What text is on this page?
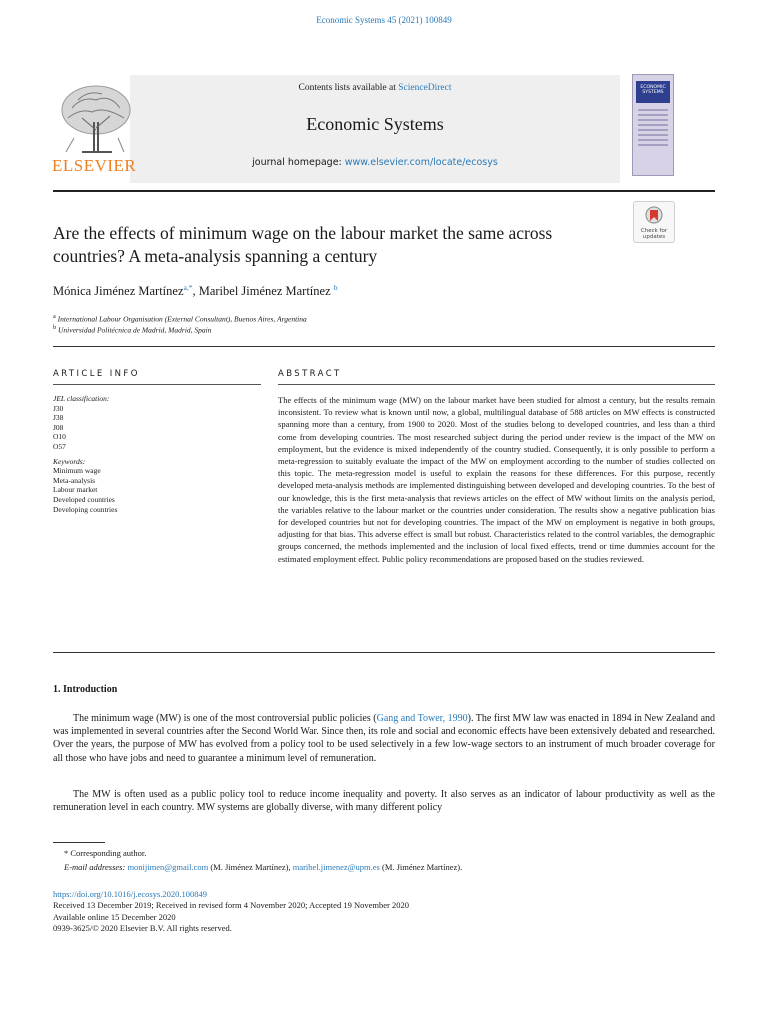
Economic Systems 45 (2021) 100849
Contents lists available at ScienceDirect
Economic Systems
journal homepage: www.elsevier.com/locate/ecosys
ELSEVIER
ECONOMIC SYSTEMS
Check for updates
Are the effects of minimum wage on the labour market the same across countries? A meta-analysis spanning a century
Mónica Jiménez Martínez$^{a,*}$, Maribel Jiménez Martínez $^b$
$^a$ International Labour Organisation (External Consultant), Buenos Aires, Argentina
$^b$ Universidad Politécnica de Madrid, Madrid, Spain
ARTICLE INFO	ABSTRACT
JEL classification:
J30
J38
J08
O10
O57
Keywords:
Minimum wage
Meta-analysis
Labour market
Developed countries
Developing countries
The effects of the minimum wage (MW) on the labour market have been studied for almost a century, but the results remain inconsistent. To review what is known until now, a global, multilingual database of 588 articles on MW effects is constructed spanning more than a century, from 1900 to 2020. Most of the studies belong to developed countries, and less than a third come from developing countries. The most researched subject during the period under review is the impact of the MW on employment, but the evidence is mixed independently of the country studied. Consequently, it is only possible to perform a meta-regression to suitably evaluate the impact of the MW on employment according to the number of studies collected on this topic. The meta-regression model is useful to explain the reasons for these differences. For this purpose, recently developed meta-analysis methods are implemented distinguishing between developed and developing countries. To the best of our knowledge, this is the first meta-analysis that reviews articles on the effect of MW without limits on the analysis period, the variables relative to the labour market or the countries under consideration. The results show a negative publication bias for developed countries but not for developing countries. The impact of the MW on employment is negative in both groups, adjusting for that bias. This adverse effect is small but robust. Characteristics related to the control variables, the demographic groups concerned, the methods implemented and the inclusion of local fixed effects, trend or time dummies account for the estimated employment effect. Public policy recommendations are proposed based on the studies reviewed.
1. Introduction
The minimum wage (MW) is one of the most controversial public policies (Gang and Tower, 1990). The first MW law was enacted in 1894 in New Zealand and was implemented in several countries after the Second World War. Since then, its role and social and economic effects have been extensively debated and researched. Over the years, the purpose of MW has evolved from a policy tool to be used selectively in a few low-wage sectors to an instrument of much broader coverage for all those who have jobs and need to guarantee a minimum level of remuneration.
The MW is often used as a public policy tool to reduce income inequality and poverty. It also serves as an indicator of labour productivity as well as the remuneration level in each country. MW systems are globally diverse, with many different policy
* Corresponding author.
E-mail addresses: monijimen@gmail.com (M. Jiménez Martínez), maribel.jimenez@upm.es (M. Jiménez Martínez).
https://doi.org/10.1016/j.ecosys.2020.100849
Received 13 December 2019; Received in revised form 4 November 2020; Accepted 19 November 2020
Available online 15 December 2020
0939-3625/© 2020 Elsevier B.V. All rights reserved.
